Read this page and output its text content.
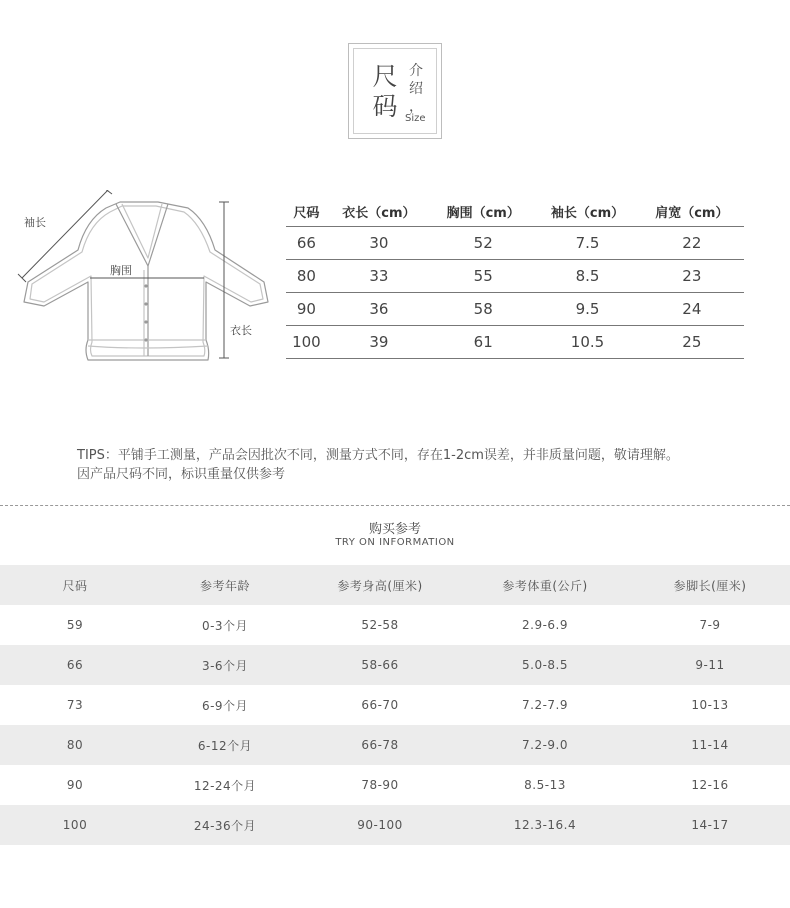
尺
码
介
绍
，
Size
袖长
胸围
衣长
尺码	衣长（cm）	胸围（cm）	袖长（cm）	肩宽（cm）
66	30	52	7.5	22
80	33	55	8.5	23
90	36	58	9.5	24
100	39	61	10.5	25
TIPS：平铺手工测量，产品会因批次不同，测量方式不同，存在1-2cm误差，并非质量问题，敬请理解。
因产品尺码不同，标识重量仅供参考
购买参考
TRY ON INFORMATION
尺码	参考年龄	参考身高(厘米)	参考体重(公斤)	参脚长(厘米)
59	0-3个月	52-58	2.9-6.9	7-9
66	3-6个月	58-66	5.0-8.5	9-11
73	6-9个月	66-70	7.2-7.9	10-13
80	6-12个月	66-78	7.2-9.0	11-14
90	12-24个月	78-90	8.5-13	12-16
100	24-36个月	90-100	12.3-16.4	14-17
